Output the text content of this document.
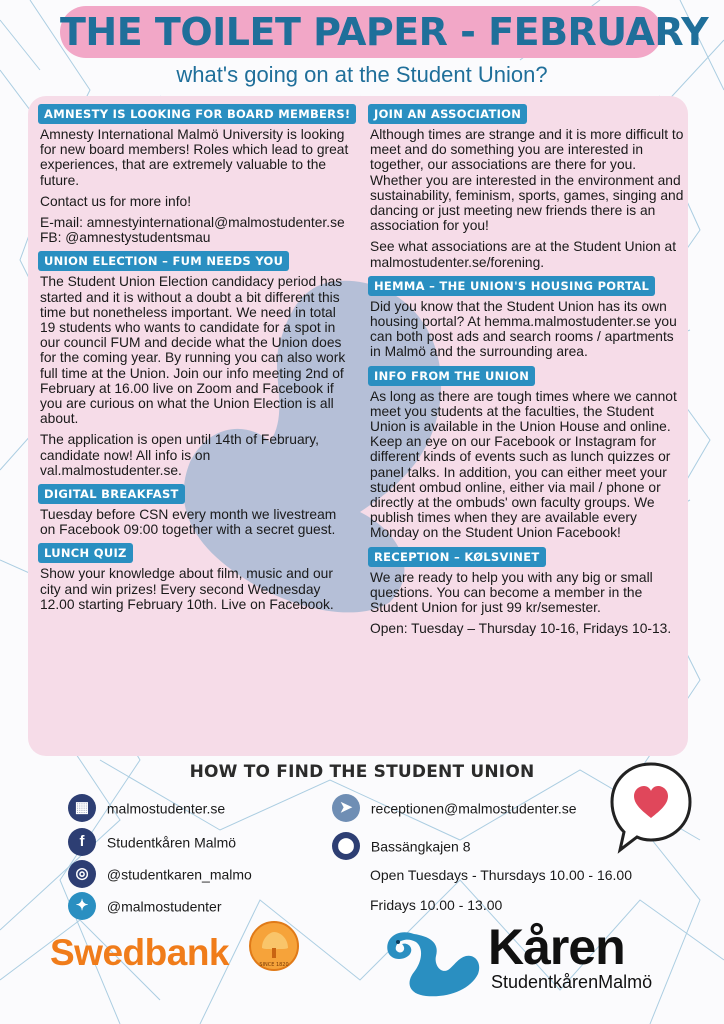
THE TOILET PAPER - FEBRUARY
what's going on at the Student Union?
AMNESTY IS LOOKING FOR BOARD MEMBERS!

Amnesty International Malmö University is looking for new board members! Roles which lead to great experiences, that are extremely valuable to the future.

Contact us for more info!

E-mail: amnestyinternational@malmostudenter.se FB: @amnestystudentsmau

UNION ELECTION – FUM NEEDS YOU

The Student Union Election candidacy period has started and it is without a doubt a bit different this time but nonetheless important. We need in total 19 students who wants to candidate for a spot in our council FUM and decide what the Union does for the coming year. By running you can also work full time at the Union. Join our info meeting 2nd of February at 16.00 live on Zoom and Facebook if you are curious on what the Union Election is all about.

The application is open until 14th of February, candidate now! All info is on val.malmostudenter.se.

DIGITAL BREAKFAST

Tuesday before CSN every month we livestream on Facebook 09:00 together with a secret guest.

LUNCH QUIZ

Show your knowledge about film, music and our city and win prizes! Every second Wednesday 12.00 starting February 10th. Live on Facebook.

JOIN AN ASSOCIATION

Although times are strange and it is more difficult to meet and do something you are interested in together, our associations are there for you. Whether you are interested in the environment and sustainability, feminism, sports, games, singing and dancing or just meeting new friends there is an association for you!

See what associations are at the Student Union at malmostudenter.se/forening.

HEMMA – THE UNION'S HOUSING PORTAL

Did you know that the Student Union has its own housing portal? At hemma.malmostudenter.se you can both post ads and search rooms / apartments in Malmö and the surrounding area.

INFO FROM THE UNION

As long as there are tough times where we cannot meet you students at the faculties, the Student Union is available in the Union House and online. Keep an eye on our Facebook or Instagram for different kinds of events such as lunch quizzes or panel talks. In addition, you can either meet your student ombud online, either via mail / phone or directly at the ombuds' own faculty groups. We publish times when they are available every Monday on the Student Union Facebook!

RECEPTION – KØLSVINET

We are ready to help you with any big or small questions. You can become a member in the Student Union for just 99 kr/semester.

Open: Tuesday – Thursday 10-16, Fridays 10-13.

HOW TO FIND THE STUDENT UNION
▦ malmostudenter.se
f Studentkåren Malmö
◎ @studentkaren_malmo
✦ @malmostudenter
➤ receptionen@malmostudenter.se
⬤ Bassängkajen 8
Open Tuesdays - Thursdays 10.00 - 16.00
Fridays 10.00 - 13.00
Swedbank	SINCE 1820	Kåren
StudentkårenMalmö
